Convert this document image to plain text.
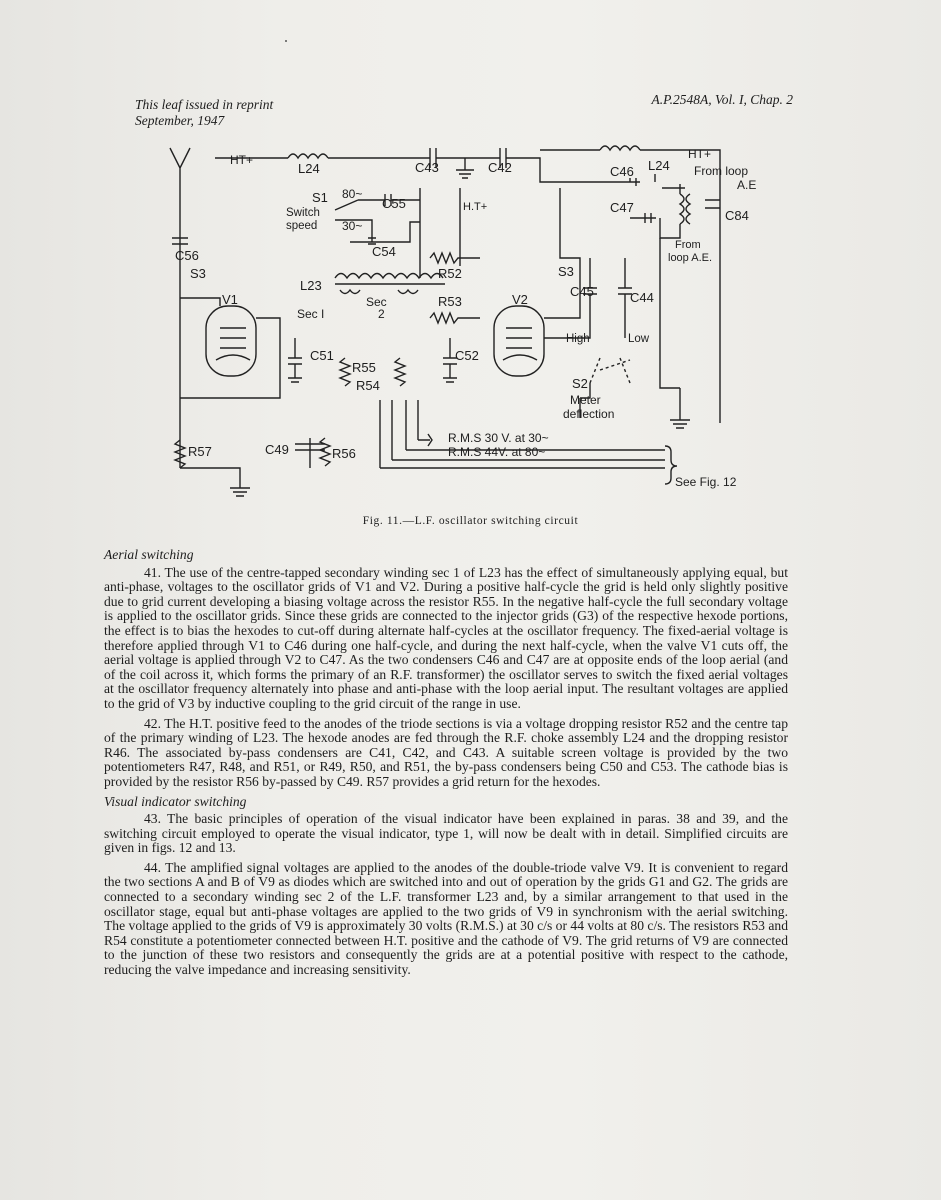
This leaf issued in reprint
September, 1947
A.P.2548A, Vol. I, Chap. 2
HT+
L24	C43	C42
HT+
From loop
A.E
L24
C46
C47
C84
From
loop A.E.
S1
Switch
speed
80~
30~
C55
C54
H.T+
C56
S3
V1
L23
Sec I
Sec
2
R52
R53	V2
S3
C45	C44
High	Low
C51	C52
R55
R54	S2
Meter
deflection
R.M.S 30 V. at 30~
R.M.S 44V. at 80~
R57	C49	R56
See Fig. 12
Fig. 11.—L.F. oscillator switching circuit

Aerial switching

41. The use of the centre-tapped secondary winding sec 1 of L23 has the effect of simultaneously applying equal, but anti-phase, voltages to the oscillator grids of V1 and V2. During a positive half-cycle the grid is held only slightly positive due to grid current developing a biasing voltage across the resistor R55. In the negative half-cycle the full secondary voltage is applied to the oscillator grids. Since these grids are connected to the injector grids (G3) of the respective hexode portions, the effect is to bias the hexodes to cut-off during alternate half-cycles at the oscillator frequency. The fixed-aerial voltage is therefore applied through V1 to C46 during one half-cycle, and during the next half-cycle, when the valve V1 cuts off, the aerial voltage is applied through V2 to C47. As the two condensers C46 and C47 are at opposite ends of the loop aerial (and of the coil across it, which forms the primary of an R.F. transformer) the oscillator serves to switch the fixed aerial voltages at the oscillator frequency alternately into phase and anti-phase with the loop aerial input. The resultant voltages are applied to the grid of V3 by inductive coupling to the grid circuit of the range in use.

42. The H.T. positive feed to the anodes of the triode sections is via a voltage dropping resistor R52 and the centre tap of the primary winding of L23. The hexode anodes are fed through the R.F. choke assembly L24 and the dropping resistor R46. The associated by-pass condensers are C41, C42, and C43. A suitable screen voltage is provided by the two potentiometers R47, R48, and R51, or R49, R50, and R51, the by-pass condensers being C50 and C53. The cathode bias is provided by the resistor R56 by-passed by C49. R57 provides a grid return for the hexodes.

Visual indicator switching

43. The basic principles of operation of the visual indicator have been explained in paras. 38 and 39, and the switching circuit employed to operate the visual indicator, type 1, will now be dealt with in detail. Simplified circuits are given in figs. 12 and 13.

44. The amplified signal voltages are applied to the anodes of the double-triode valve V9. It is convenient to regard the two sections A and B of V9 as diodes which are switched into and out of operation by the grids G1 and G2. The grids are connected to a secondary winding sec 2 of the L.F. transformer L23 and, by a similar arrangement to that used in the oscillator stage, equal but anti-phase voltages are applied to the two grids of V9 in synchronism with the aerial switching. The voltage applied to the grids of V9 is approximately 30 volts (R.M.S.) at 30 c/s or 44 volts at 80 c/s. The resistors R53 and R54 constitute a potentiometer connected between H.T. positive and the cathode of V9. The grid returns of V9 are connected to the junction of these two resistors and consequently the grids are at a potential positive with respect to the cathode, reducing the valve impedance and increasing sensitivity.
